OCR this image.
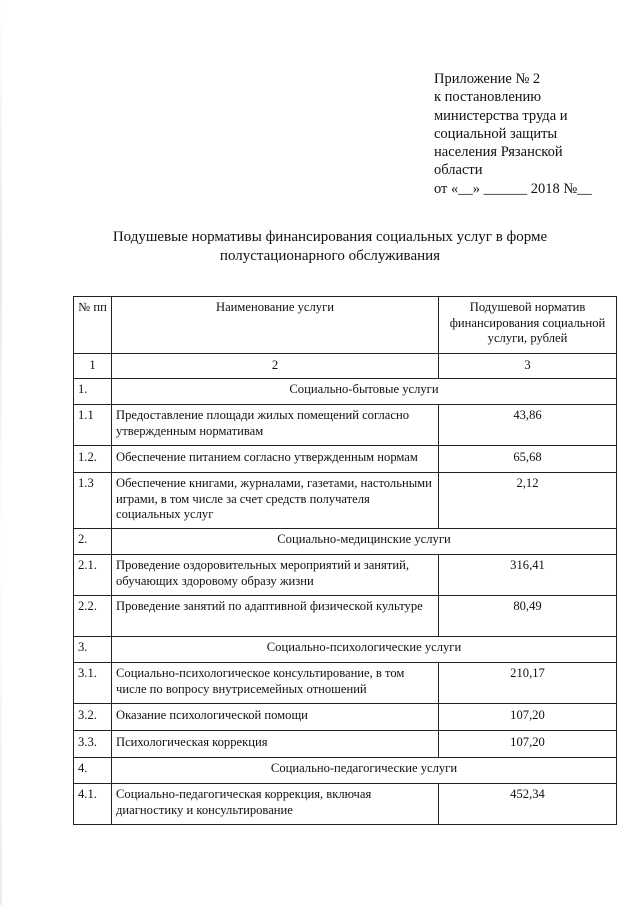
Приложение № 2
к постановлению
министерства труда и
социальной защиты
населения Рязанской
области
от «__» ______ 2018 №__
Подушевые нормативы финансирования социальных услуг в форме
полустационарного обслуживания
№ пп	Наименование услуги	Подушевой норматив
финансирования социальной
услуги, рублей

1	2	3
1.	Социально-бытовые услуги	
1.1	Предоставление площади жилых помещений согласно утвержденным нормативам	43,86
1.2.	Обеспечение питанием согласно утвержденным нормам	65,68
1.3	Обеспечение книгами, журналами, газетами, настольными играми, в том числе за счет средств получателя социальных услуг	2,12
2.	Социально-медицинские услуги	
2.1.	Проведение оздоровительных мероприятий и занятий, обучающих здоровому образу жизни	316,41
2.2.	Проведение занятий по адаптивной физической культуре	80,49
3.	Социально-психологические услуги	
3.1.	Социально-психологическое консультирование, в том числе по вопросу внутрисемейных отношений	210,17
3.2.	Оказание психологической помощи	107,20
3.3.	Психологическая коррекция	107,20
4.	Социально-педагогические услуги	
4.1.	Социально-педагогическая коррекция, включая диагностику и консультирование	452,34
